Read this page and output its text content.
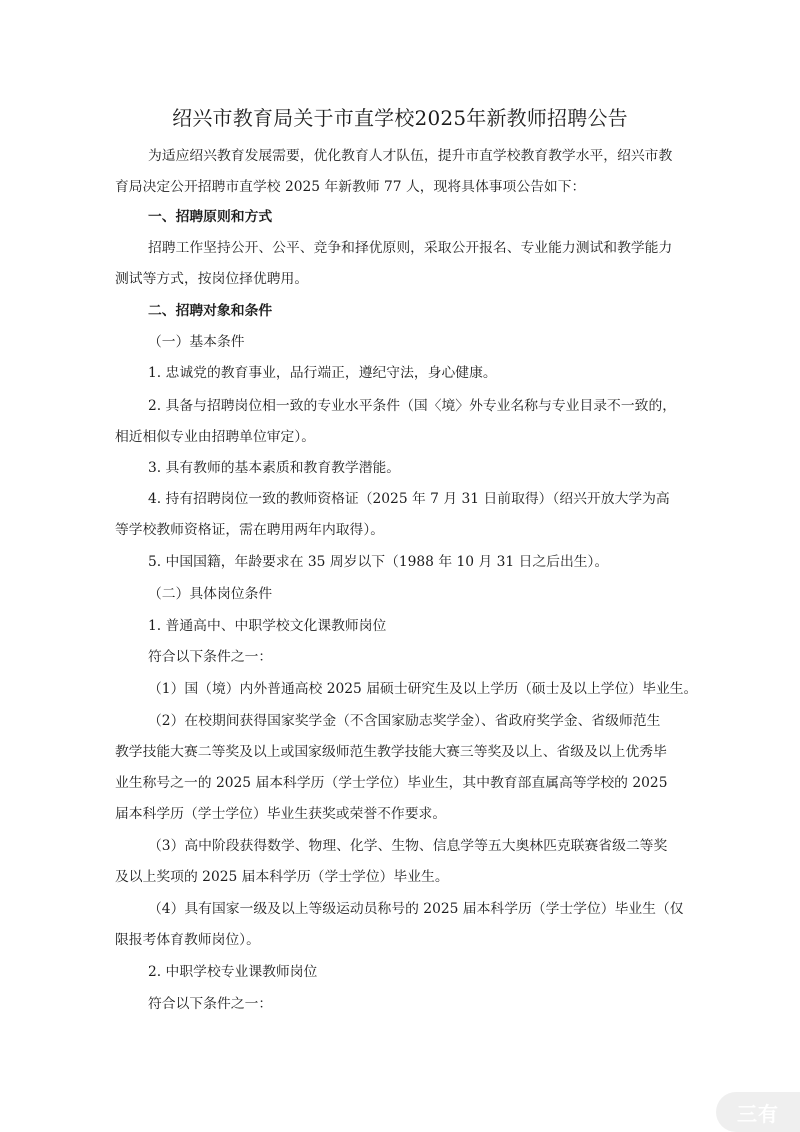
绍兴市教育局关于市直学校2025年新教师招聘公告
为适应绍兴教育发展需要，优化教育人才队伍，提升市直学校教育教学水平，绍兴市教
育局决定公开招聘市直学校 2025 年新教师 77 人，现将具体事项公告如下：
一、招聘原则和方式
招聘工作坚持公开、公平、竞争和择优原则，采取公开报名、专业能力测试和教学能力
测试等方式，按岗位择优聘用。
二、招聘对象和条件
（一）基本条件
1. 忠诚党的教育事业，品行端正，遵纪守法，身心健康。
2. 具备与招聘岗位相一致的专业水平条件（国〈境〉外专业名称与专业目录不一致的，
相近相似专业由招聘单位审定）。
3. 具有教师的基本素质和教育教学潜能。
4. 持有招聘岗位一致的教师资格证（2025 年 7 月 31 日前取得）（绍兴开放大学为高
等学校教师资格证，需在聘用两年内取得）。
5. 中国国籍，年龄要求在 35 周岁以下（1988 年 10 月 31 日之后出生）。
（二）具体岗位条件
1. 普通高中、中职学校文化课教师岗位
符合以下条件之一：
（1）国（境）内外普通高校 2025 届硕士研究生及以上学历（硕士及以上学位）毕业生。
（2）在校期间获得国家奖学金（不含国家励志奖学金）、省政府奖学金、省级师范生
教学技能大赛二等奖及以上或国家级师范生教学技能大赛三等奖及以上、省级及以上优秀毕
业生称号之一的 2025 届本科学历（学士学位）毕业生，其中教育部直属高等学校的 2025
届本科学历（学士学位）毕业生获奖或荣誉不作要求。
（3）高中阶段获得数学、物理、化学、生物、信息学等五大奥林匹克联赛省级二等奖
及以上奖项的 2025 届本科学历（学士学位）毕业生。
（4）具有国家一级及以上等级运动员称号的 2025 届本科学历（学士学位）毕业生（仅
限报考体育教师岗位）。
2. 中职学校专业课教师岗位
符合以下条件之一：
三有
